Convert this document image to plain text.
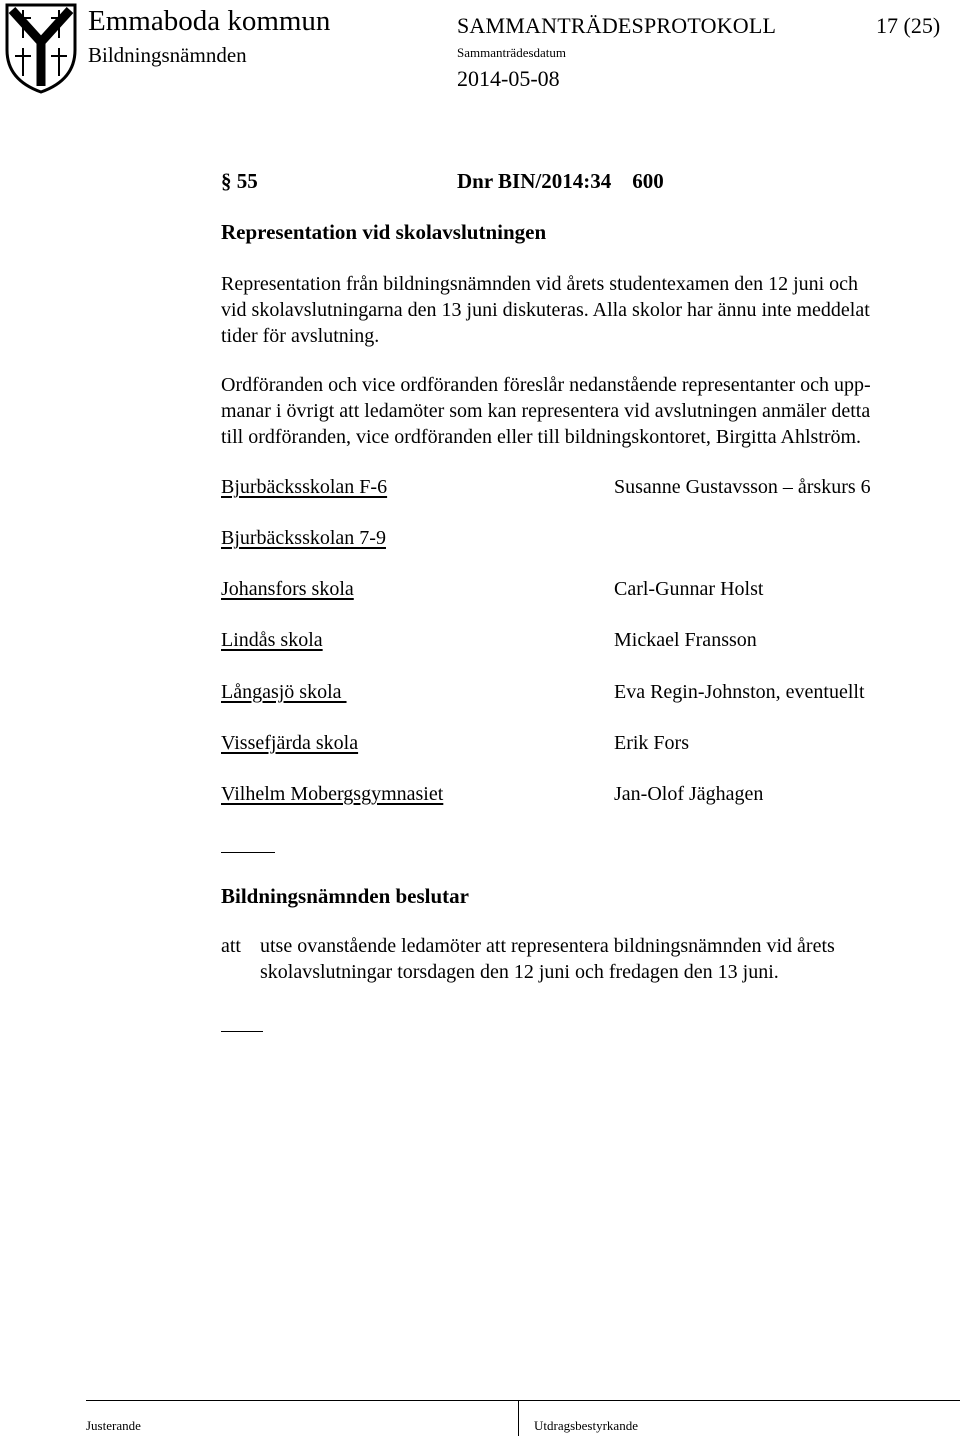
Emmaboda kommun
Bildningsnämnden
SAMMANTRÄDESPROTOKOLL	17 (25)
Sammanträdesdatum
2014-05-08
§ 55	Dnr BIN/2014:34    600
Representation vid skolavslutningen
Representation från bildningsnämnden vid årets studentexamen den 12 juni och
vid skolavslutningarna den 13 juni diskuteras. Alla skolor har ännu inte meddelat
tider för avslutning.
Ordföranden och vice ordföranden föreslår nedanstående representanter och upp-
manar i övrigt att ledamöter som kan representera vid avslutningen anmäler detta
till ordföranden, vice ordföranden eller till bildningskontoret, Birgitta Ahlström.
Bjurbäcksskolan F-6	Susanne Gustavsson – årskurs 6
Bjurbäcksskolan 7-9
Johansfors skola	Carl-Gunnar Holst
Lindås skola	Mickael Fransson
Långasjö skola	Eva Regin-Johnston, eventuellt
Vissefjärda skola	Erik Fors
Vilhelm Mobergsgymnasiet	Jan-Olof Jäghagen
Bildningsnämnden beslutar
att utse ovanstående ledamöter att representera bildningsnämnden vid årets
skolavslutningar torsdagen den 12 juni och fredagen den 13 juni.
Justerande	Utdragsbestyrkande
